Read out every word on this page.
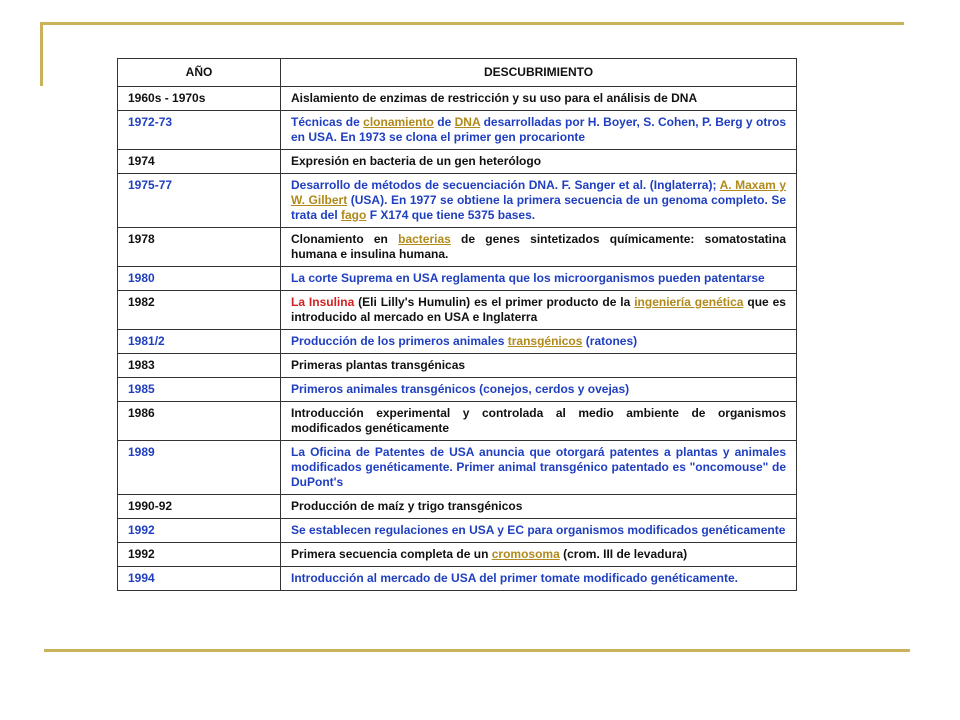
AÑO	DESCUBRIMIENTO
1960s - 1970s	Aislamiento de enzimas de restricción y su uso para el análisis de DNA
1972-73	Técnicas de clonamiento de DNA desarrolladas por H. Boyer, S. Cohen, P. Berg y otros en USA. En 1973 se clona el primer gen procarionte
1974	Expresión en bacteria de un gen heterólogo
1975-77	Desarrollo de métodos de secuenciación DNA. F. Sanger et al. (Inglaterra); A. Maxam y W. Gilbert (USA). En 1977 se obtiene la primera secuencia de un genoma completo. Se trata del fago F X174 que tiene 5375 bases.
1978	Clonamiento en bacterias de genes sintetizados químicamente: somatostatina humana e insulina humana.
1980	La corte Suprema en USA reglamenta que los microorganismos pueden patentarse
1982	La Insulina (Eli Lilly's Humulin) es el primer producto de la ingeniería genética que es introducido al mercado en USA e Inglaterra
1981/2	Producción de los primeros animales transgénicos (ratones)
1983	Primeras plantas transgénicas
1985	Primeros animales transgénicos (conejos, cerdos y ovejas)
1986	Introducción experimental y controlada al medio ambiente de organismos modificados genéticamente
1989	La Oficina de Patentes de USA anuncia que otorgará patentes a plantas y animales modificados genéticamente. Primer animal transgénico patentado es "oncomouse" de DuPont's
1990-92	Producción de maíz y trigo transgénicos
1992	Se establecen regulaciones en USA y EC para organismos modificados genéticamente
1992	Primera secuencia completa de un cromosoma (crom. III de levadura)
1994	Introducción al mercado de USA del primer tomate modificado genéticamente.
